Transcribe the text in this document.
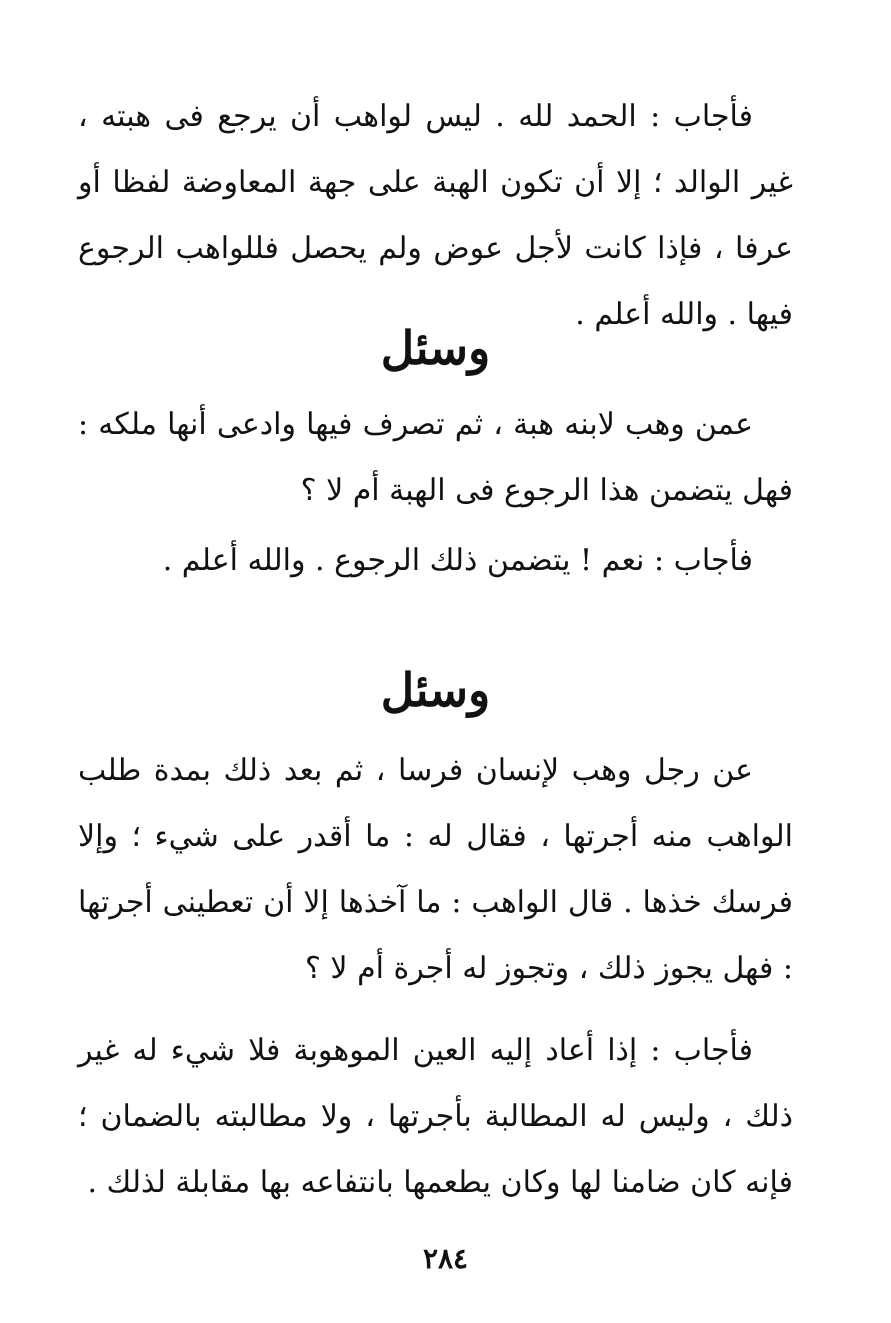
فأجاب : الحمد لله . ليس لواهب أن يرجع فى هبته ، غير الوالد ؛ إلا أن تكون الهبة على جهة المعاوضة لفظا أو عرفا ، فإذا كانت لأجل عوض ولم يحصل فللواهب الرجوع فيها . والله أعلم .

وسئل

عمن وهب لابنه هبة ، ثم تصرف فيها وادعى أنها ملكه : فهل يتضمن هذا الرجوع فى الهبة أم لا ؟

فأجاب : نعم ! يتضمن ذلك الرجوع . والله أعلم .

وسئل

عن رجل وهب لإنسان فرسا ، ثم بعد ذلك بمدة طلب الواهب منه أجرتها ، فقال له : ما أقدر على شيء ؛ وإلا فرسك خذها . قال الواهب : ما آخذها إلا أن تعطينى أجرتها : فهل يجوز ذلك ، وتجوز له أجرة أم لا ؟

فأجاب : إذا أعاد إليه العين الموهوبة فلا شيء له غير ذلك ، وليس له المطالبة بأجرتها ، ولا مطالبته بالضمان ؛ فإنه كان ضامنا لها وكان يطعمها بانتفاعه بها مقابلة لذلك .

٢٨٤
